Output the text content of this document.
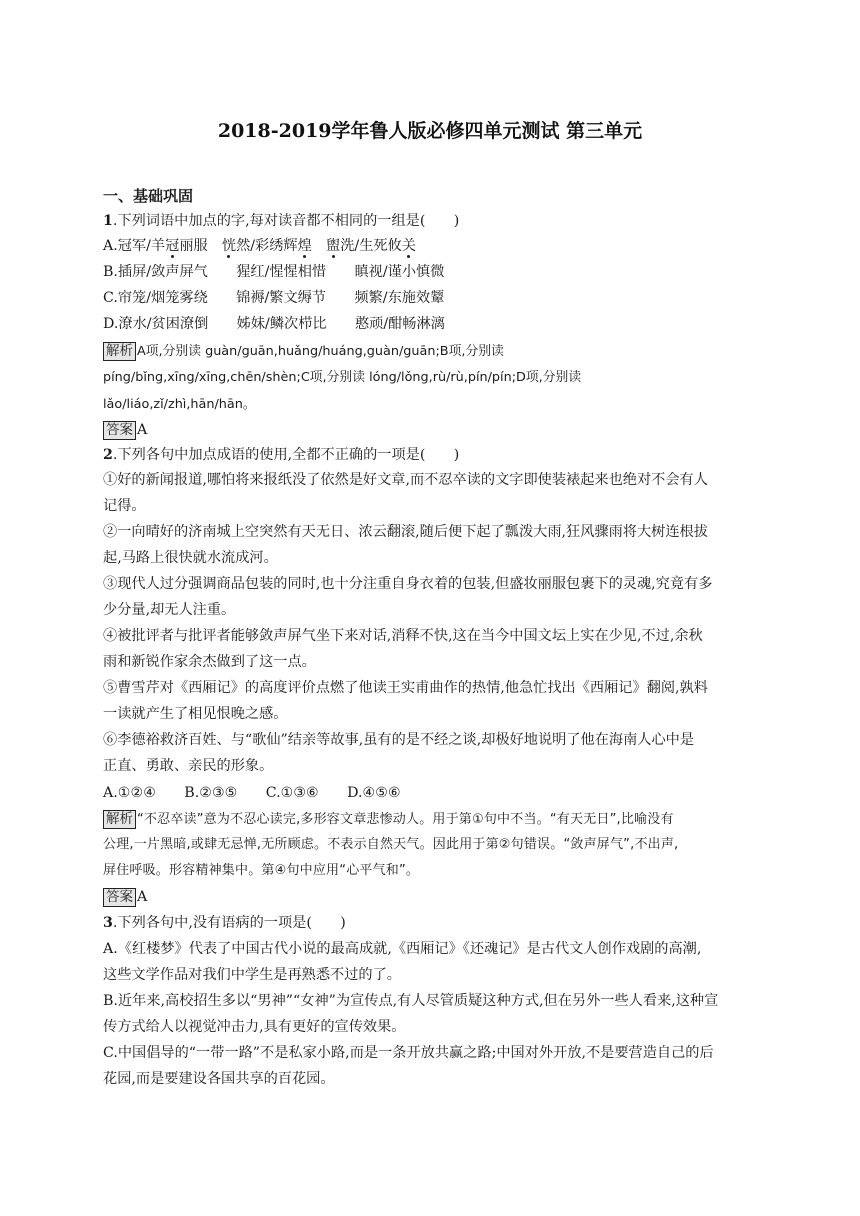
2018-2019学年鲁人版必修四单元测试 第三单元
一、基础巩固
1.下列词语中加点的字,每对读音都不相同的一组是(　　)
A.冠军/羊冠丽服　恍然/彩绣辉煌　 盥洗/生死攸关
B.插屏/敛声屏气　　猩红/惺惺相惜　　瞋视/谨小慎微
C.帘笼/烟笼雾绕　　锦褥/繁文缛节　　频繁/东施效颦
D.潦水/贫困潦倒　　姊妹/鳞次栉比　　憨顽/酣畅淋漓
解析 A项,分别读 guàn/guān,huǎng/huáng,guàn/guān;B项,分别读
píng/bǐng,xīng/xīng,chēn/shèn;C项,分别读 lóng/lǒng,rù/rù,pín/pín;D项,分别读
lǎo/liáo,zǐ/zhì,hān/hān。
答案 A
2.下列各句中加点成语的使用,全都不正确的一项是(　　)
①好的新闻报道,哪怕将来报纸没了依然是好文章,而不忍卒读的文字即使装裱起来也绝对不会有人
记得。
②一向晴好的济南城上空突然有天无日、浓云翻滚,随后便下起了瓢泼大雨,狂风骤雨将大树连根拔
起,马路上很快就水流成河。
③现代人过分强调商品包装的同时,也十分注重自身衣着的包装,但盛妆丽服包裹下的灵魂,究竟有多
少分量,却无人注重。
④被批评者与批评者能够敛声屏气坐下来对话,消释不快,这在当今中国文坛上实在少见,不过,余秋
雨和新锐作家余杰做到了这一点。
⑤曹雪芹对《西厢记》的高度评价点燃了他读王实甫曲作的热情,他急忙找出《西厢记》翻阅,孰料
一读就产生了相见恨晚之感。
⑥李德裕救济百姓、与“歌仙”结亲等故事,虽有的是不经之谈,却极好地说明了他在海南人心中是
正直、勇敢、亲民的形象。
A.①②④　　B.②③⑤　　C.①③⑥　　D.④⑤⑥
解析 “不忍卒读”意为不忍心读完,多形容文章悲惨动人。用于第①句中不当。“有天无日”,比喻没有
公理,一片黑暗,或肆无忌惮,无所顾虑。不表示自然天气。因此用于第②句错误。“敛声屏气”,不出声,
屏住呼吸。形容精神集中。第④句中应用“心平气和”。
答案 A
3.下列各句中,没有语病的一项是(　　)
A.《红楼梦》代表了中国古代小说的最高成就,《西厢记》《还魂记》是古代文人创作戏剧的高潮,
这些文学作品对我们中学生是再熟悉不过的了。
B.近年来,高校招生多以“男神”“女神”为宣传点,有人尽管质疑这种方式,但在另外一些人看来,这种宣
传方式给人以视觉冲击力,具有更好的宣传效果。
C.中国倡导的“一带一路”不是私家小路,而是一条开放共赢之路;中国对外开放,不是要营造自己的后
花园,而是要建设各国共享的百花园。
